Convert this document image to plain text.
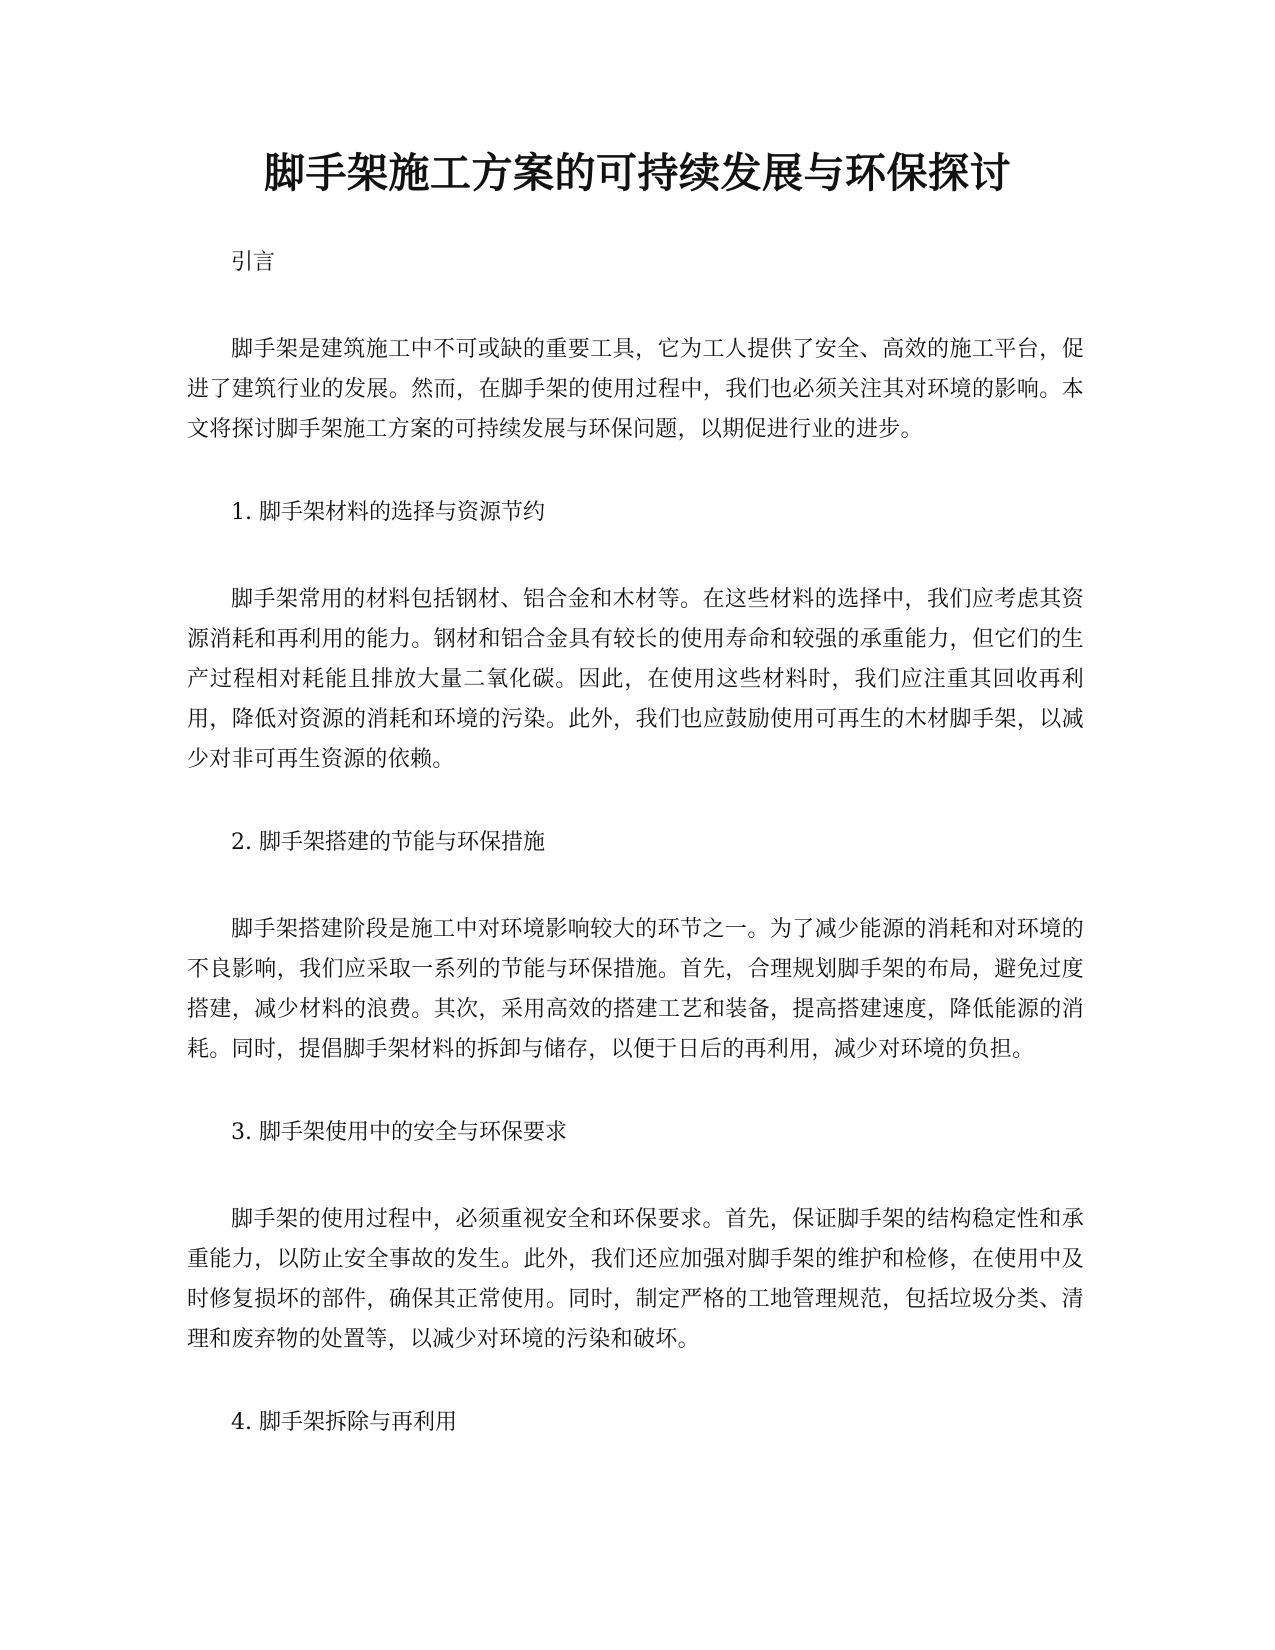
脚手架施工方案的可持续发展与环保探讨

引言

脚手架是建筑施工中不可或缺的重要工具，它为工人提供了安全、高效的施工平台，促进了建筑行业的发展。然而，在脚手架的使用过程中，我们也必须关注其对环境的影响。本文将探讨脚手架施工方案的可持续发展与环保问题，以期促进行业的进步。

1. 脚手架材料的选择与资源节约

脚手架常用的材料包括钢材、铝合金和木材等。在这些材料的选择中，我们应考虑其资源消耗和再利用的能力。钢材和铝合金具有较长的使用寿命和较强的承重能力，但它们的生产过程相对耗能且排放大量二氧化碳。因此，在使用这些材料时，我们应注重其回收再利用，降低对资源的消耗和环境的污染。此外，我们也应鼓励使用可再生的木材脚手架，以减少对非可再生资源的依赖。

2. 脚手架搭建的节能与环保措施

脚手架搭建阶段是施工中对环境影响较大的环节之一。为了减少能源的消耗和对环境的不良影响，我们应采取一系列的节能与环保措施。首先，合理规划脚手架的布局，避免过度搭建，减少材料的浪费。其次，采用高效的搭建工艺和装备，提高搭建速度，降低能源的消耗。同时，提倡脚手架材料的拆卸与储存，以便于日后的再利用，减少对环境的负担。

3. 脚手架使用中的安全与环保要求

脚手架的使用过程中，必须重视安全和环保要求。首先，保证脚手架的结构稳定性和承重能力，以防止安全事故的发生。此外，我们还应加强对脚手架的维护和检修，在使用中及时修复损坏的部件，确保其正常使用。同时，制定严格的工地管理规范，包括垃圾分类、清理和废弃物的处置等，以减少对环境的污染和破坏。

4. 脚手架拆除与再利用
